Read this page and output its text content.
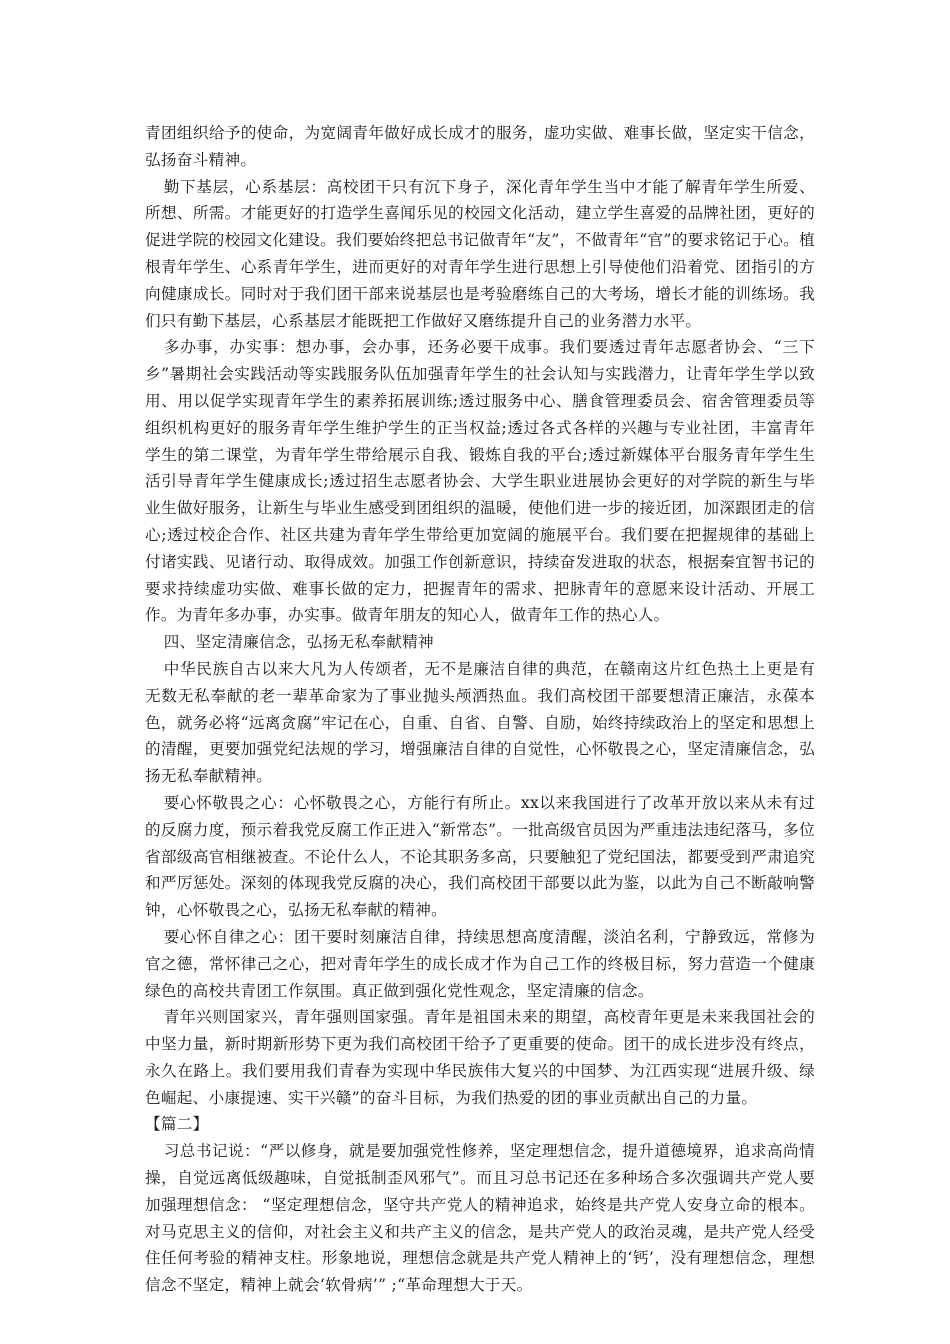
青团组织给予的使命，为宽阔青年做好成长成才的服务，虚功实做、难事长做，坚定实干信念，弘扬奋斗精神。

勤下基层，心系基层：高校团干只有沉下身子，深化青年学生当中才能了解青年学生所爱、所想、所需。才能更好的打造学生喜闻乐见的校园文化活动，建立学生喜爱的品牌社团，更好的促进学院的校园文化建设。我们要始终把总书记做青年“友”，不做青年“官”的要求铭记于心。植根青年学生、心系青年学生，进而更好的对青年学生进行思想上引导使他们沿着党、团指引的方向健康成长。同时对于我们团干部来说基层也是考验磨练自己的大考场，增长才能的训练场。我们只有勤下基层，心系基层才能既把工作做好又磨练提升自己的业务潜力水平。

多办事，办实事：想办事，会办事，还务必要干成事。我们要透过青年志愿者协会、“三下乡”暑期社会实践活动等实践服务队伍加强青年学生的社会认知与实践潜力，让青年学生学以致用、用以促学实现青年学生的素养拓展训练;透过服务中心、膳食管理委员会、宿舍管理委员等组织机构更好的服务青年学生维护学生的正当权益;透过各式各样的兴趣与专业社团，丰富青年学生的第二课堂，为青年学生带给展示自我、锻炼自我的平台;透过新媒体平台服务青年学生生活引导青年学生健康成长;透过招生志愿者协会、大学生职业进展协会更好的对学院的新生与毕业生做好服务，让新生与毕业生感受到团组织的温暖，使他们进一步的接近团，加深跟团走的信心;透过校企合作、社区共建为青年学生带给更加宽阔的施展平台。我们要在把握规律的基础上付诸实践、见诸行动、取得成效。加强工作创新意识，持续奋发进取的状态，根据秦宜智书记的要求持续虚功实做、难事长做的定力，把握青年的需求、把脉青年的意愿来设计活动、开展工作。为青年多办事，办实事。做青年朋友的知心人，做青年工作的热心人。

四、坚定清廉信念，弘扬无私奉献精神

中华民族自古以来大凡为人传颂者，无不是廉洁自律的典范，在赣南这片红色热土上更是有无数无私奉献的老一辈革命家为了事业抛头颅洒热血。我们高校团干部要想清正廉洁，永葆本色，就务必将“远离贪腐”牢记在心，自重、自省、自警、自励，始终持续政治上的坚定和思想上的清醒，更要加强党纪法规的学习，增强廉洁自律的自觉性，心怀敬畏之心，坚定清廉信念，弘扬无私奉献精神。

要心怀敬畏之心：心怀敬畏之心，方能行有所止。xx以来我国进行了改革开放以来从未有过的反腐力度，预示着我党反腐工作正进入“新常态”。一批高级官员因为严重违法违纪落马，多位省部级高官相继被查。不论什么人，不论其职务多高，只要触犯了党纪国法，都要受到严肃追究和严厉惩处。深刻的体现我党反腐的决心，我们高校团干部要以此为鉴，以此为自己不断敲响警钟，心怀敬畏之心，弘扬无私奉献的精神。

要心怀自律之心：团干要时刻廉洁自律，持续思想高度清醒，淡泊名利，宁静致远，常修为官之德，常怀律己之心，把对青年学生的成长成才作为自己工作的终极目标，努力营造一个健康绿色的高校共青团工作氛围。真正做到强化党性观念，坚定清廉的信念。

青年兴则国家兴，青年强则国家强。青年是祖国未来的期望，高校青年更是未来我国社会的中坚力量，新时期新形势下更为我们高校团干给予了更重要的使命。团干的成长进步没有终点，永久在路上。我们要用我们青春为实现中华民族伟大复兴的中国梦、为江西实现“进展升级、绿色崛起、小康提速、实干兴赣”的奋斗目标，为我们热爱的团的事业贡献出自己的力量。

【篇二】

习总书记说：“严以修身，就是要加强党性修养，坚定理想信念，提升道德境界，追求高尚情操，自觉远离低级趣味，自觉抵制歪风邪气”。而且习总书记还在多种场合多次强调共产党人要加强理想信念： “坚定理想信念，坚守共产党人的精神追求，始终是共产党人安身立命的根本。对马克思主义的信仰，对社会主义和共产主义的信念，是共产党人的政治灵魂，是共产党人经受住任何考验的精神支柱。形象地说，理想信念就是共产党人精神上的‘钙’，没有理想信念，理想信念不坚定，精神上就会‘软骨病’” ;“革命理想大于天。
